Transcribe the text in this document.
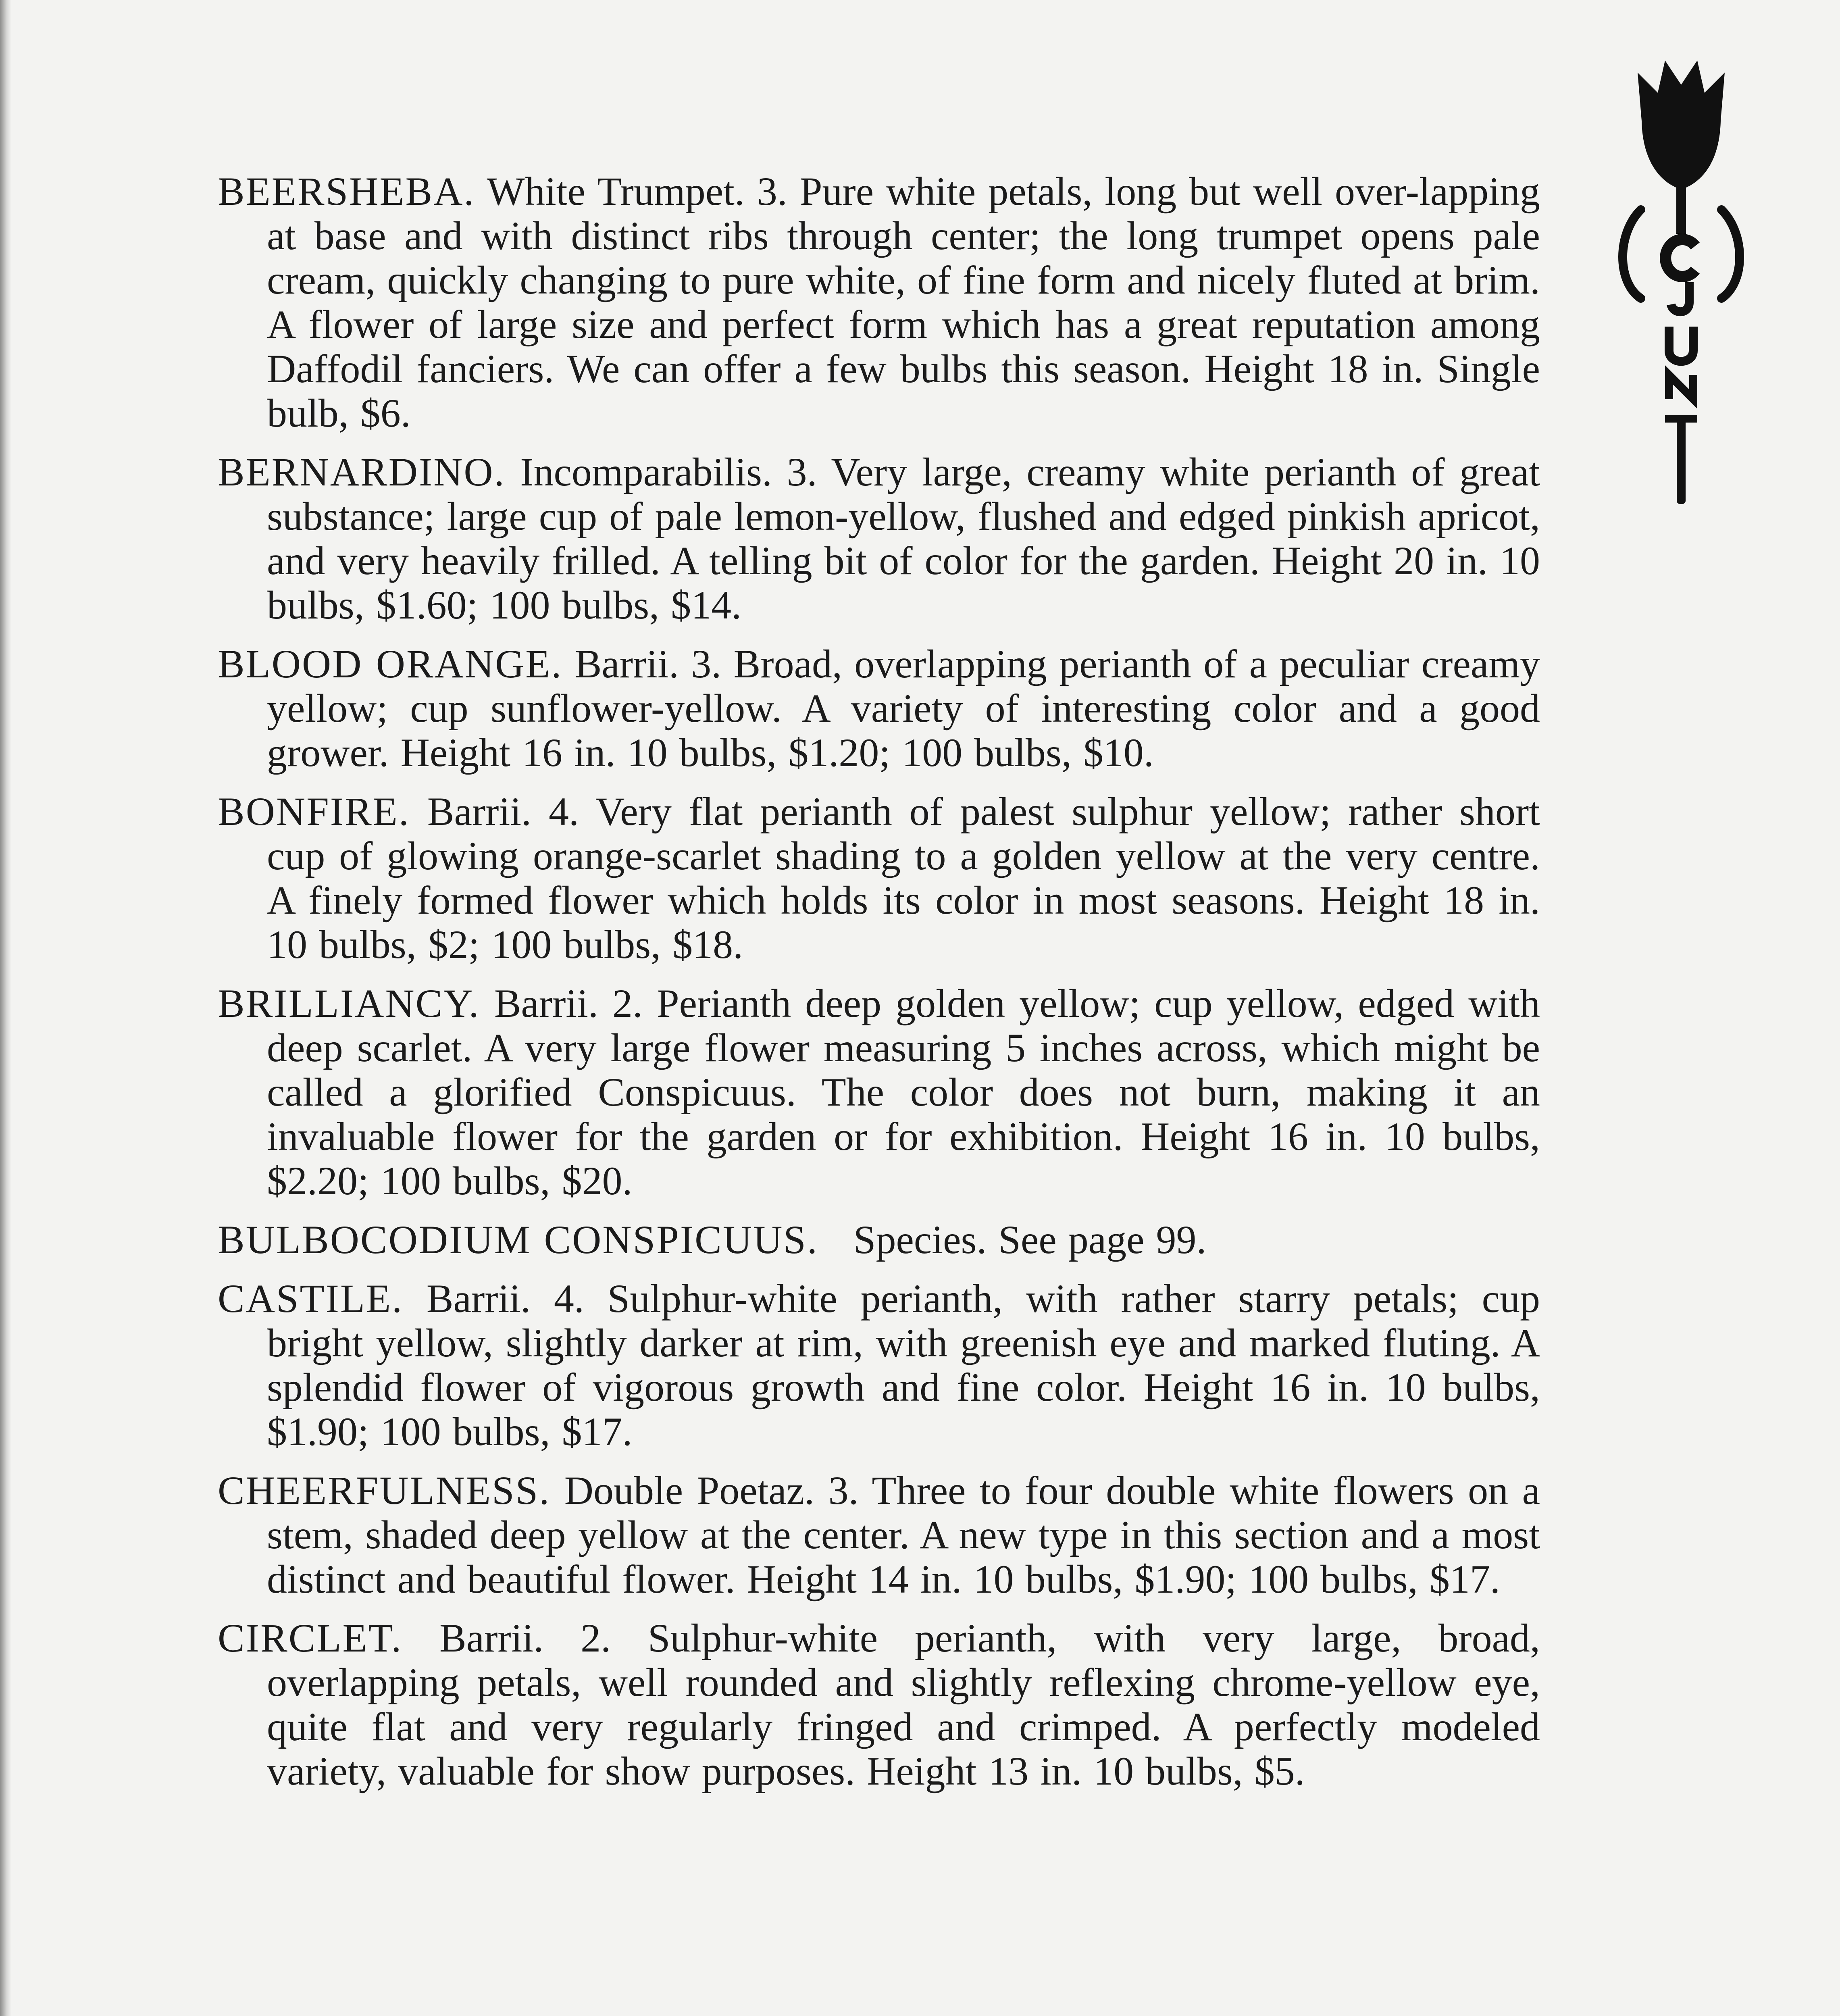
BEERSHEBA. White Trumpet. 3. Pure white petals, long but well over-lapping at base and with distinct ribs through center; the long trumpet opens pale cream, quickly changing to pure white, of fine form and nicely fluted at brim. A flower of large size and perfect form which has a great reputation among Daffodil fanciers. We can offer a few bulbs this season. Height 18 in. Single bulb, $6.

BERNARDINO. Incomparabilis. 3. Very large, creamy white perianth of great substance; large cup of pale lemon-yellow, flushed and edged pinkish apricot, and very heavily frilled. A telling bit of color for the garden. Height 20 in. 10 bulbs, $1.60; 100 bulbs, $14.

BLOOD ORANGE. Barrii. 3. Broad, overlapping perianth of a peculiar creamy yellow; cup sunflower-yellow. A variety of interesting color and a good grower. Height 16 in. 10 bulbs, $1.20; 100 bulbs, $10.

BONFIRE. Barrii. 4. Very flat perianth of palest sulphur yellow; rather short cup of glowing orange-scarlet shading to a golden yellow at the very centre. A finely formed flower which holds its color in most seasons. Height 18 in. 10 bulbs, $2; 100 bulbs, $18.

BRILLIANCY. Barrii. 2. Perianth deep golden yellow; cup yellow, edged with deep scarlet. A very large flower measuring 5 inches across, which might be called a glorified Conspicuus. The color does not burn, making it an invaluable flower for the garden or for exhibition. Height 16 in. 10 bulbs, $2.20; 100 bulbs, $20.

BULBOCODIUM CONSPICUUS. Species. See page 99.

CASTILE. Barrii. 4. Sulphur-white perianth, with rather starry petals; cup bright yellow, slightly darker at rim, with greenish eye and marked fluting. A splendid flower of vigorous growth and fine color. Height 16 in. 10 bulbs, $1.90; 100 bulbs, $17.

CHEERFULNESS. Double Poetaz. 3. Three to four double white flowers on a stem, shaded deep yellow at the center. A new type in this section and a most distinct and beautiful flower. Height 14 in. 10 bulbs, $1.90; 100 bulbs, $17.

CIRCLET. Barrii. 2. Sulphur-white perianth, with very large, broad, overlapping petals, well rounded and slightly reflexing chrome-yellow eye, quite flat and very regularly fringed and crimped. A perfectly modeled variety, valuable for show purposes. Height 13 in. 10 bulbs, $5.
